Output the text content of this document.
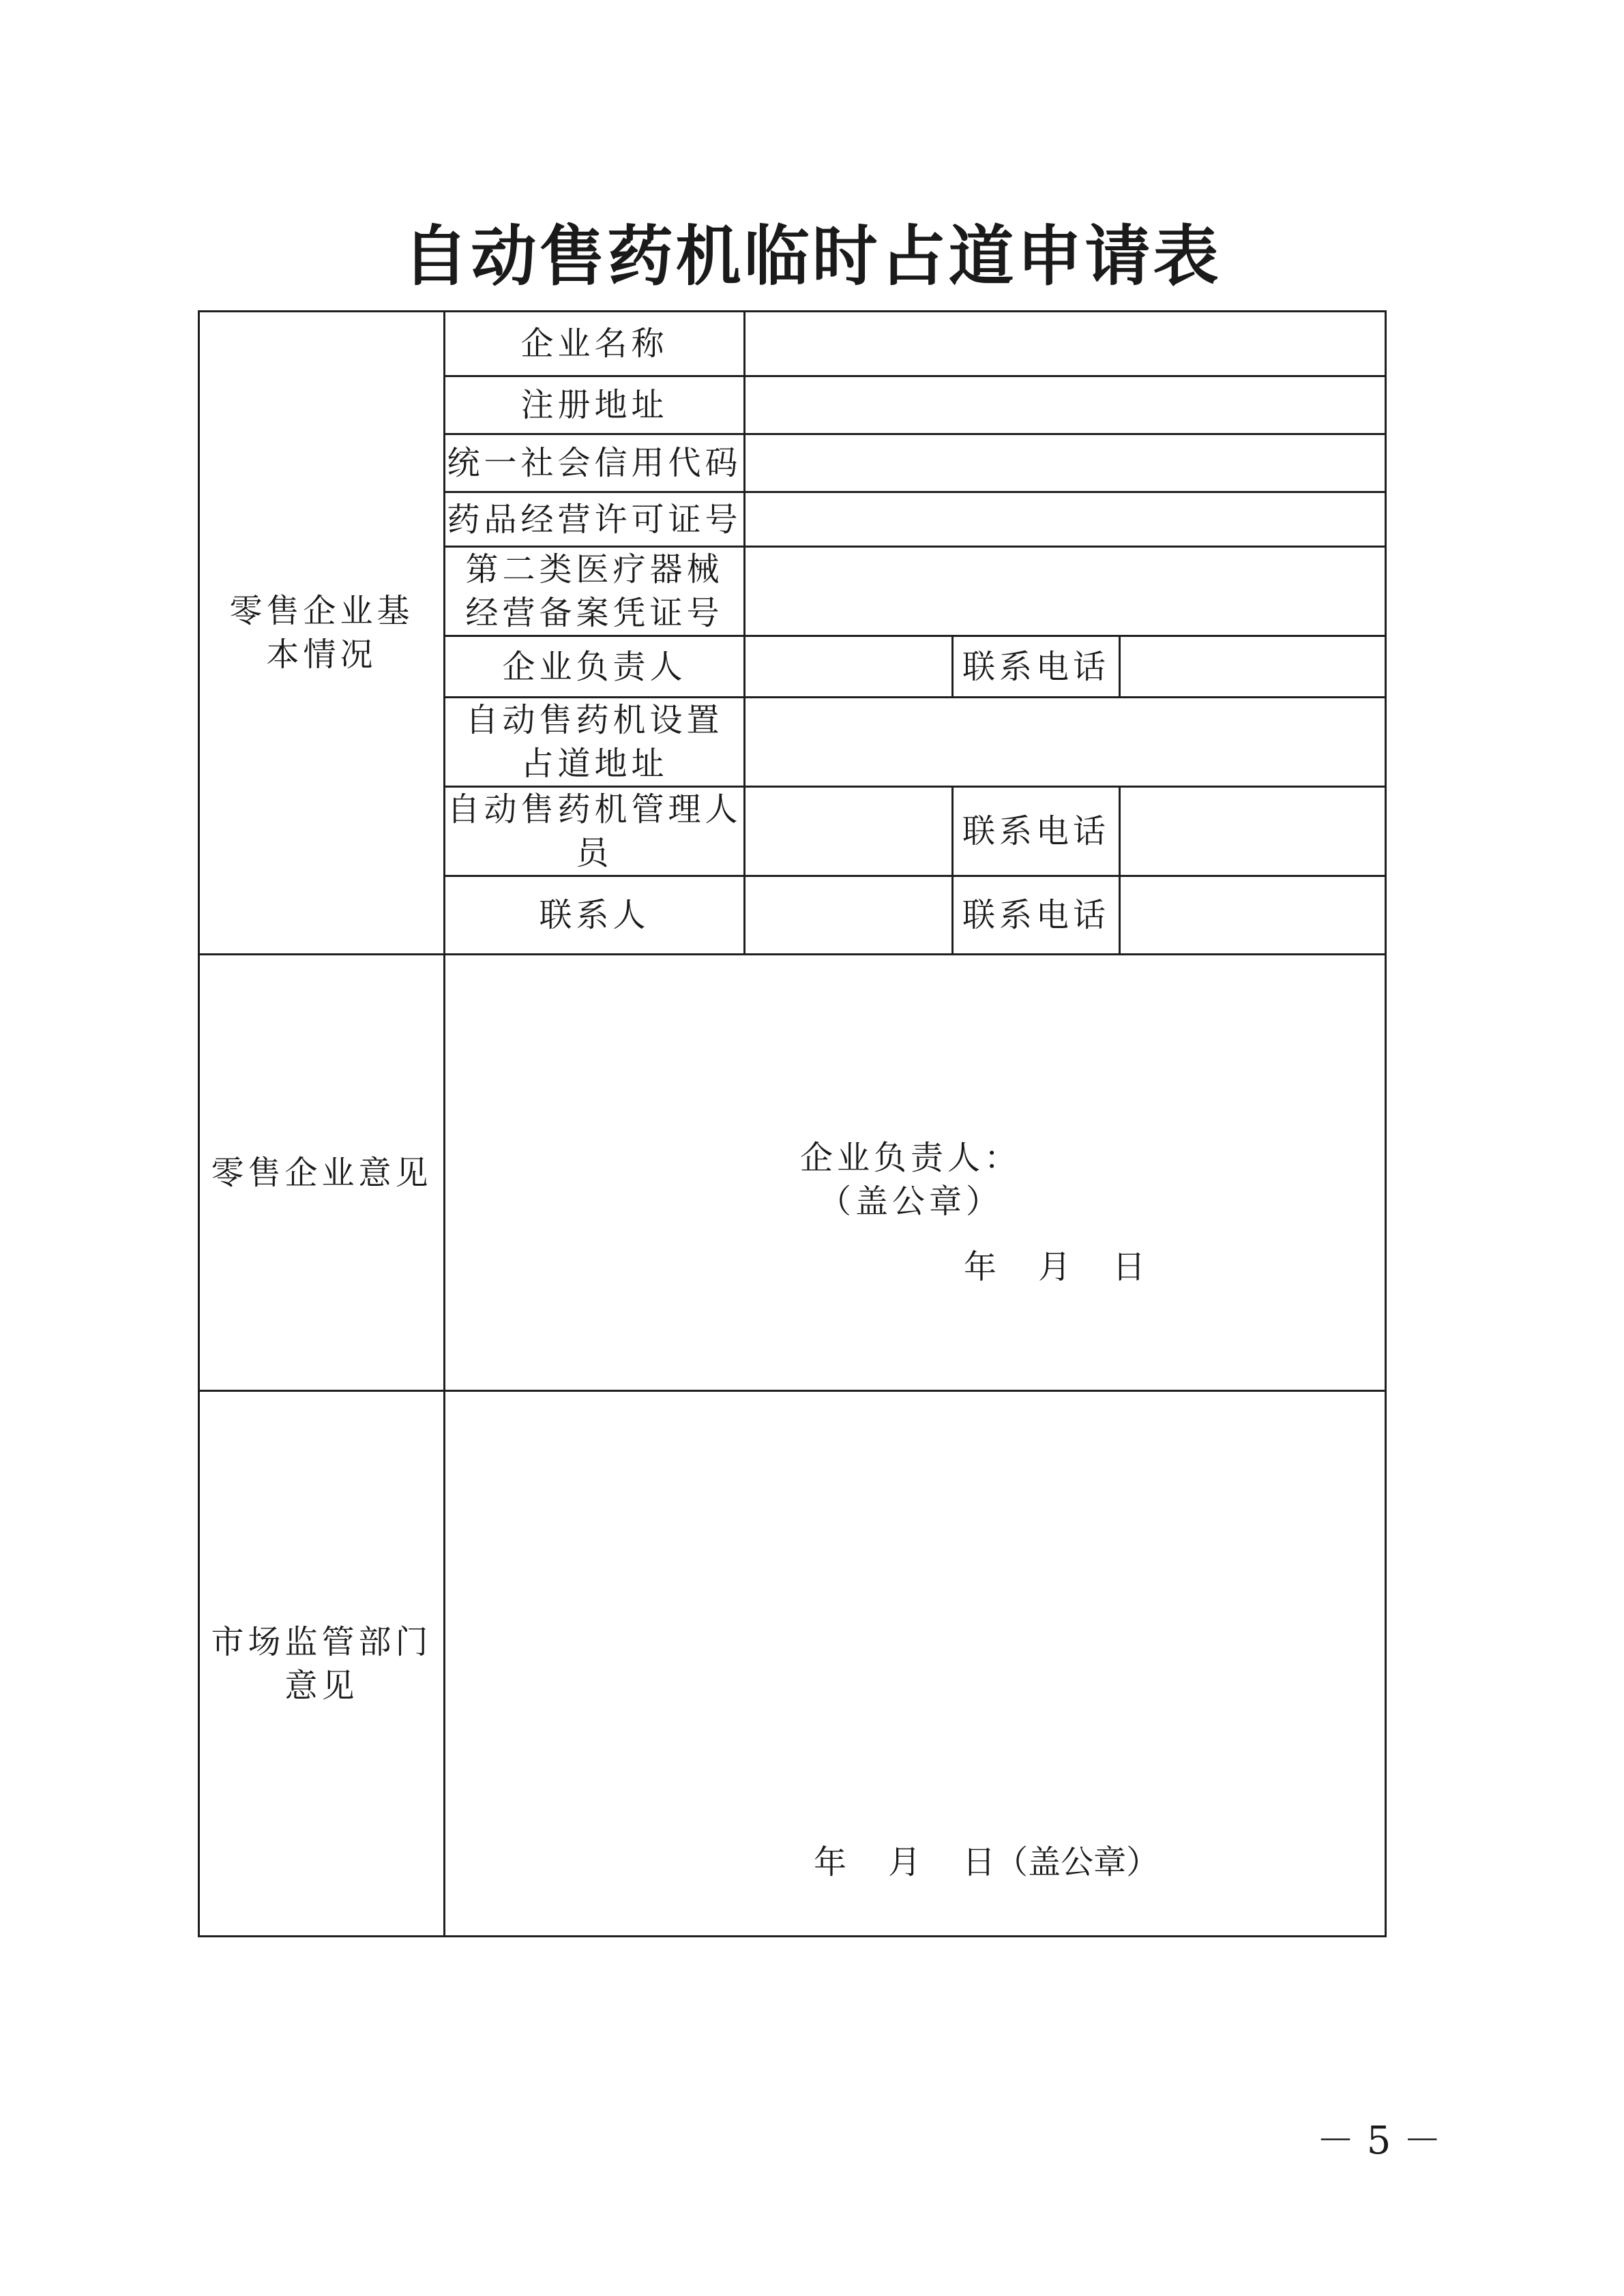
自动售药机临时占道申请表
零售企业基本情况	企业名称			
	注册地址			
	统一社会信用代码			
	药品经营许可证号			
	第二类医疗器械经营备案凭证号			
	企业负责人		联系电话	
	自动售药机设置占道地址			
	自动售药机管理人员		联系电话	
	联系人		联系电话	
零售企业意见	企业负责人：
（盖公章）
年    月    日			

市场监管部门意见	年    月    日（盖公章）			
－ 5 －
